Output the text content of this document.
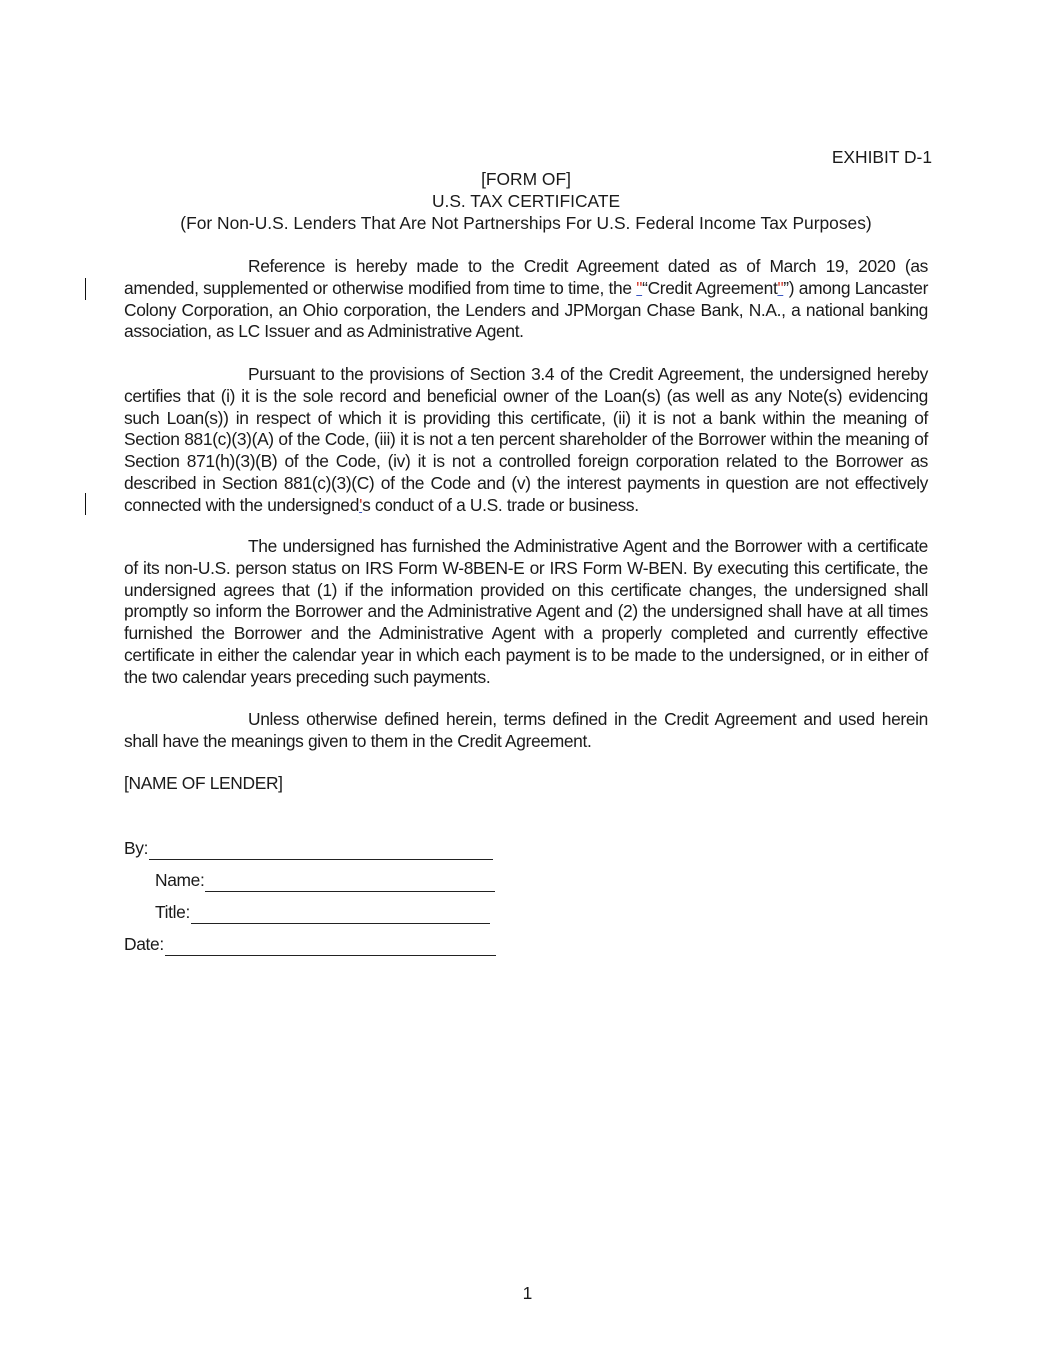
EXHIBIT D-1
[FORM OF]
U.S. TAX CERTIFICATE
(For Non-U.S. Lenders That Are Not Partnerships For U.S. Federal Income Tax Purposes)

Reference is hereby made to the Credit Agreement dated as of March 19, 2020 (as amended, supplemented or otherwise modified from time to time, the "“Credit Agreement"”) among Lancaster Colony Corporation, an Ohio corporation, the Lenders and JPMorgan Chase Bank, N.A., a national banking association, as LC Issuer and as Administrative Agent.

Pursuant to the provisions of Section 3.4 of the Credit Agreement, the undersigned hereby certifies that (i) it is the sole record and beneficial owner of the Loan(s) (as well as any Note(s) evidencing such Loan(s)) in respect of which it is providing this certificate, (ii) it is not a bank within the meaning of Section 881(c)(3)(A) of the Code, (iii) it is not a ten percent shareholder of the Borrower within the meaning of Section 871(h)(3)(B) of the Code, (iv) it is not a controlled foreign corporation related to the Borrower as described in Section 881(c)(3)(C) of the Code and (v) the interest payments in question are not effectively connected with the undersigned's conduct of a U.S. trade or business.

The undersigned has furnished the Administrative Agent and the Borrower with a certificate of its non-U.S. person status on IRS Form W-8BEN-E or IRS Form W-BEN. By executing this certificate, the undersigned agrees that (1) if the information provided on this certificate changes, the undersigned shall promptly so inform the Borrower and the Administrative Agent and (2) the undersigned shall have at all times furnished the Borrower and the Administrative Agent with a properly completed and currently effective certificate in either the calendar year in which each payment is to be made to the undersigned, or in either of the two calendar years preceding such payments.

Unless otherwise defined herein, terms defined in the Credit Agreement and used herein shall have the meanings given to them in the Credit Agreement.

[NAME OF LENDER]
By:
Name:
Title:
Date:
1
